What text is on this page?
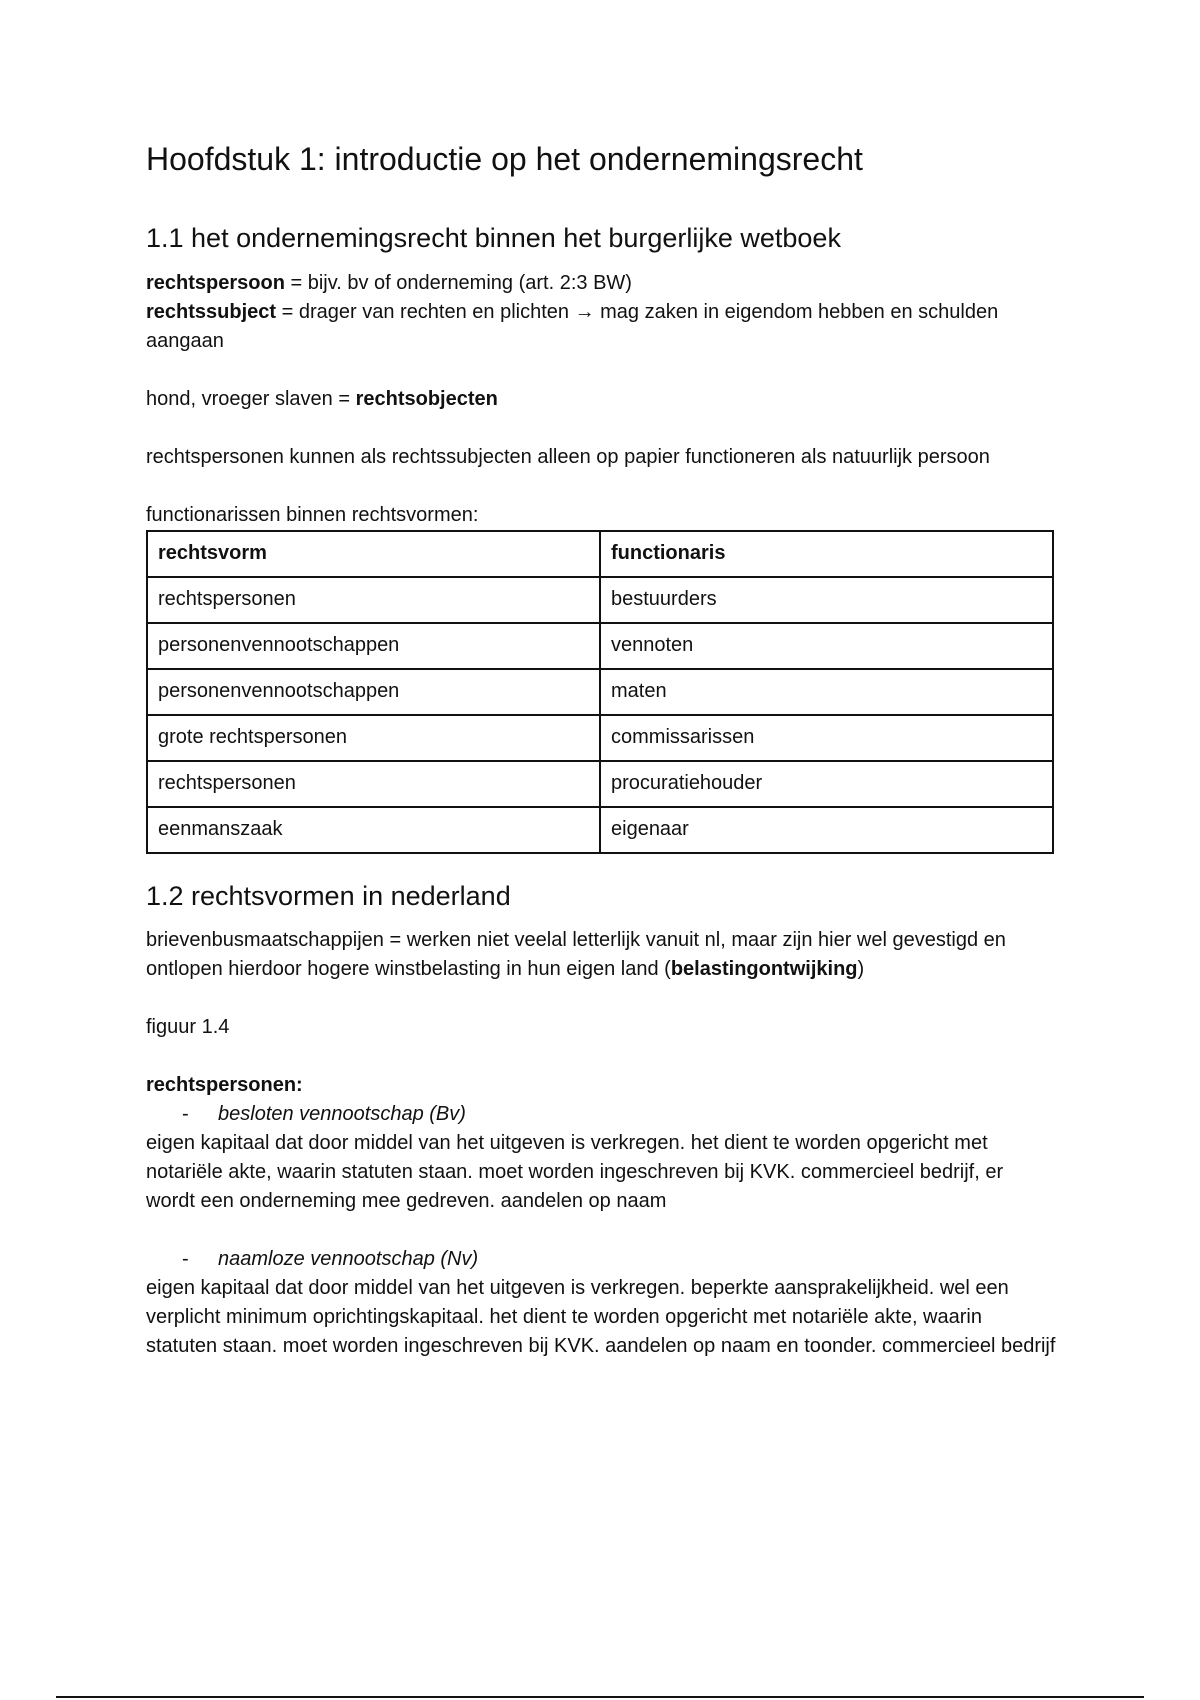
Hoofdstuk 1: introductie op het ondernemingsrecht
1.1 het ondernemingsrecht binnen het burgerlijke wetboek

rechtspersoon = bijv. bv of onderneming (art. 2:3 BW)

rechtssubject = drager van rechten en plichten → mag zaken in eigendom hebben en schulden aangaan

hond, vroeger slaven = rechtsobjecten

rechtspersonen kunnen als rechtssubjecten alleen op papier functioneren als natuurlijk persoon

functionarissen binnen rechtsvormen:

rechtsvorm	functionaris
rechtspersonen	bestuurders
personenvennootschappen	vennoten
personenvennootschappen	maten
grote rechtspersonen	commissarissen
rechtspersonen	procuratiehouder
eenmanszaak	eigenaar
1.2 rechtsvormen in nederland

brievenbusmaatschappijen = werken niet veelal letterlijk vanuit nl, maar zijn hier wel gevestigd en ontlopen hierdoor hogere winstbelasting in hun eigen land (belastingontwijking)

figuur 1.4

rechtspersonen:

- besloten vennootschap (Bv)

eigen kapitaal dat door middel van het uitgeven is verkregen. het dient te worden opgericht met notariële akte, waarin statuten staan. moet worden ingeschreven bij KVK. commercieel bedrijf, er wordt een onderneming mee gedreven. aandelen op naam

- naamloze vennootschap (Nv)

eigen kapitaal dat door middel van het uitgeven is verkregen. beperkte aansprakelijkheid. wel een verplicht minimum oprichtingskapitaal. het dient te worden opgericht met notariële akte, waarin statuten staan. moet worden ingeschreven bij KVK. aandelen op naam en toonder. commercieel bedrijf
